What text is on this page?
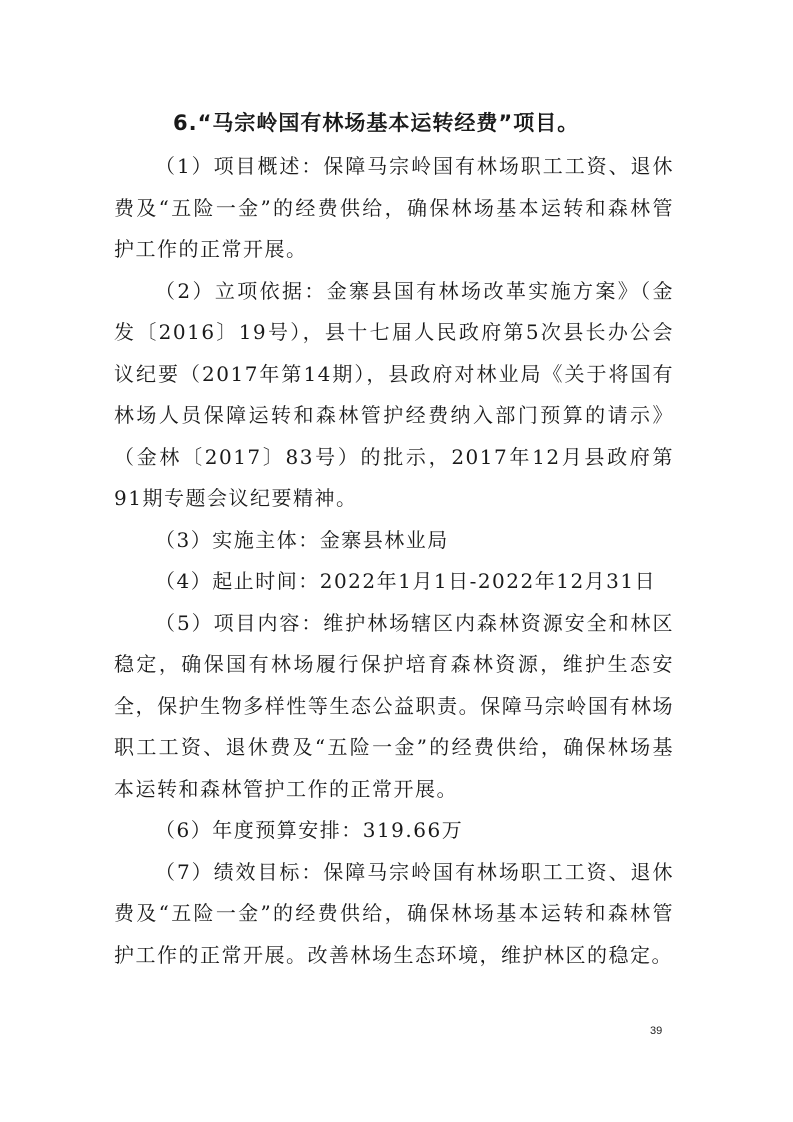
6.“马宗岭国有林场基本运转经费”项目。

（1）项目概述：保障马宗岭国有林场职工工资、退休费及“五险一金”的经费供给，确保林场基本运转和森林管护工作的正常开展。

（2）立项依据：金寨县国有林场改革实施方案》（金发〔2016〕19号），县十七届人民政府第5次县长办公会议纪要（2017年第14期），县政府对林业局《关于将国有林场人员保障运转和森林管护经费纳入部门预算的请示》（金林〔2017〕83号）的批示，2017年12月县政府第91期专题会议纪要精神。

（3）实施主体：金寨县林业局

（4）起止时间：2022年1月1日-2022年12月31日

（5）项目内容：维护林场辖区内森林资源安全和林区稳定，确保国有林场履行保护培育森林资源，维护生态安全，保护生物多样性等生态公益职责。保障马宗岭国有林场职工工资、退休费及“五险一金”的经费供给，确保林场基本运转和森林管护工作的正常开展。

（6）年度预算安排：319.66万

（7）绩效目标：保障马宗岭国有林场职工工资、退休费及“五险一金”的经费供给，确保林场基本运转和森林管护工作的正常开展。改善林场生态环境，维护林区的稳定。

39
